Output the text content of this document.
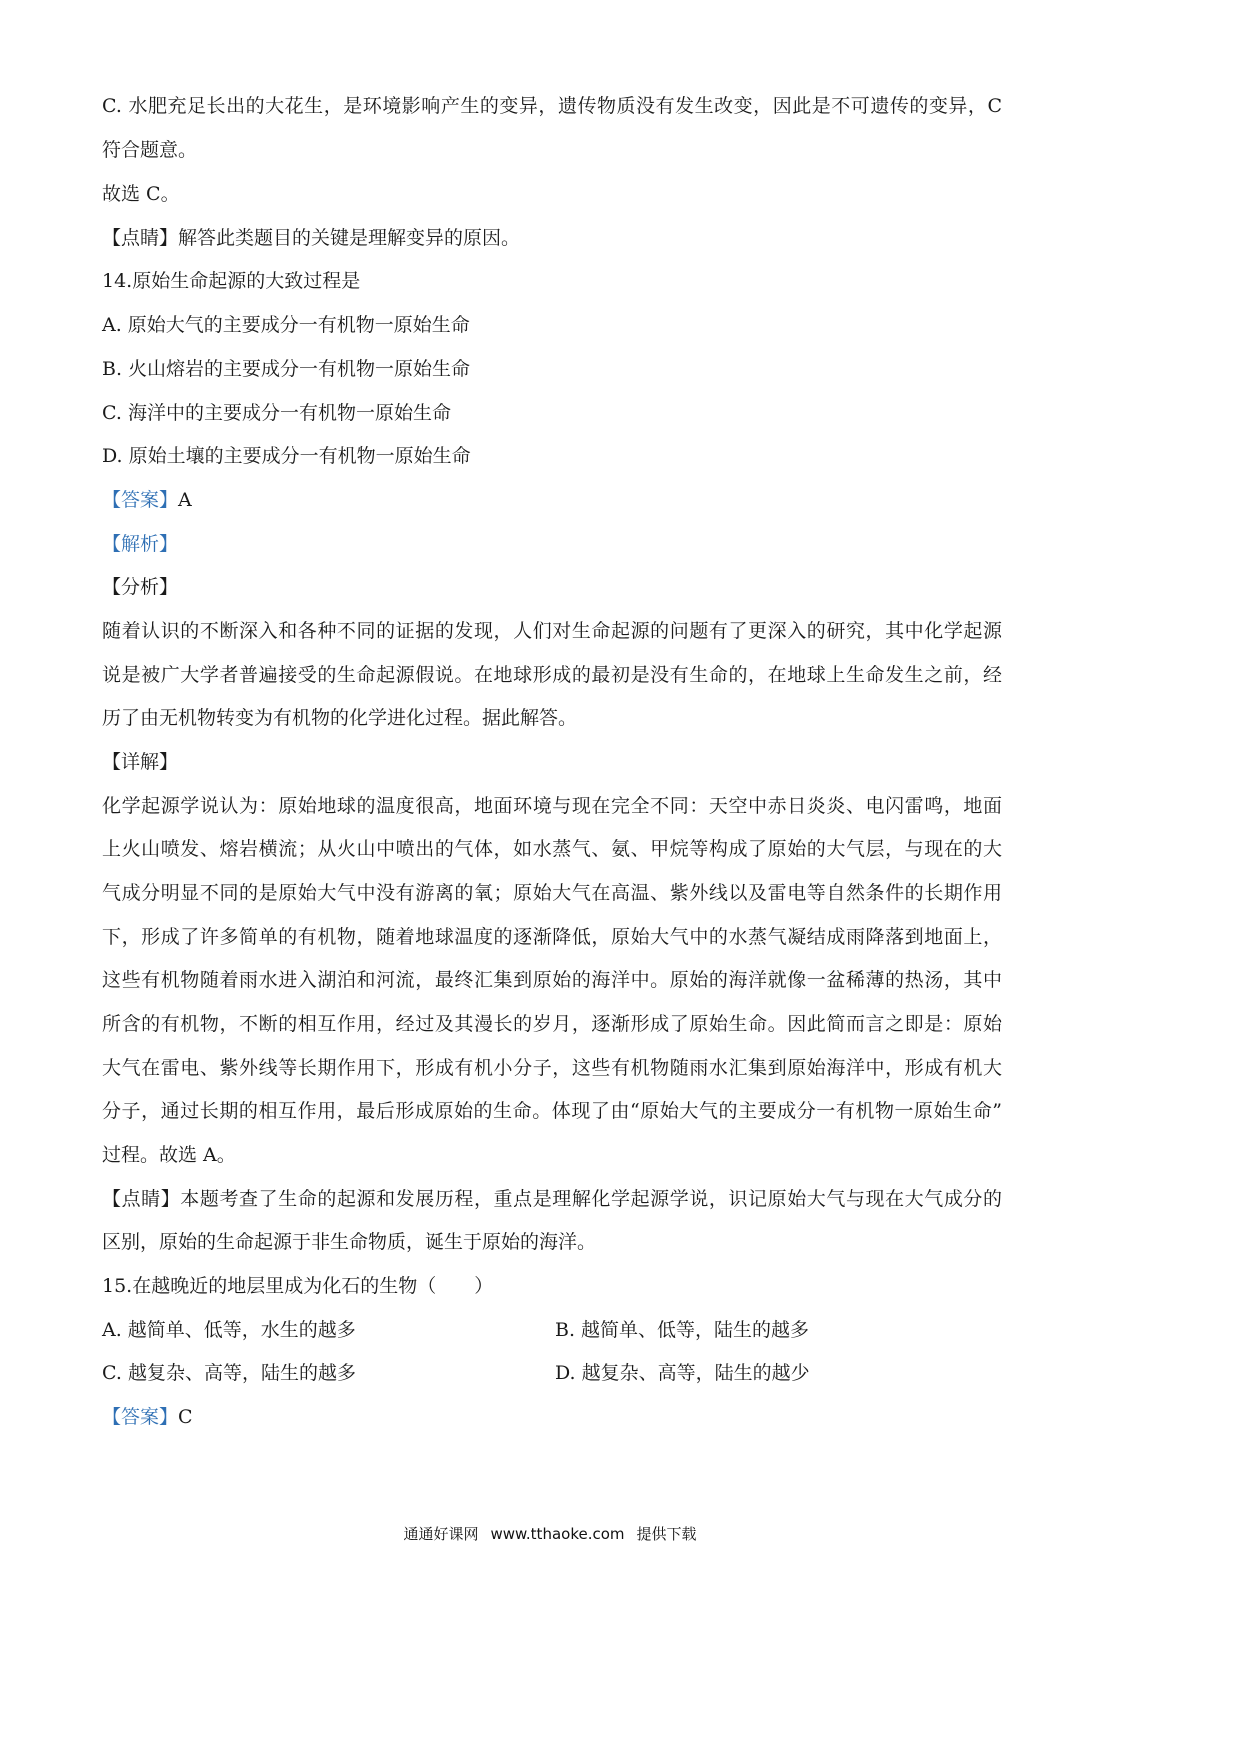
C. 水肥充足长出的大花生，是环境影响产生的变异，遗传物质没有发生改变，因此是不可遗传的变异，C
符合题意。
故选 C。
【点睛】解答此类题目的关键是理解变异的原因。
14.原始生命起源的大致过程是
A. 原始大气的主要成分一有机物一原始生命
B. 火山熔岩的主要成分一有机物一原始生命
C. 海洋中的主要成分一有机物一原始生命
D. 原始土壤的主要成分一有机物一原始生命
【答案】A
【解析】
【分析】
随着认识的不断深入和各种不同的证据的发现，人们对生命起源的问题有了更深入的研究，其中化学起源
说是被广大学者普遍接受的生命起源假说。在地球形成的最初是没有生命的，在地球上生命发生之前，经
历了由无机物转变为有机物的化学进化过程。据此解答。
【详解】
化学起源学说认为：原始地球的温度很高，地面环境与现在完全不同：天空中赤日炎炎、电闪雷鸣，地面
上火山喷发、熔岩横流；从火山中喷出的气体，如水蒸气、氨、甲烷等构成了原始的大气层，与现在的大
气成分明显不同的是原始大气中没有游离的氧；原始大气在高温、紫外线以及雷电等自然条件的长期作用
下，形成了许多简单的有机物，随着地球温度的逐渐降低，原始大气中的水蒸气凝结成雨降落到地面上，
这些有机物随着雨水进入湖泊和河流，最终汇集到原始的海洋中。原始的海洋就像一盆稀薄的热汤，其中
所含的有机物，不断的相互作用，经过及其漫长的岁月，逐渐形成了原始生命。因此简而言之即是：原始
大气在雷电、紫外线等长期作用下，形成有机小分子，这些有机物随雨水汇集到原始海洋中，形成有机大
分子，通过长期的相互作用，最后形成原始的生命。体现了由“原始大气的主要成分一有机物一原始生命”
过程。故选 A。
【点睛】本题考查了生命的起源和发展历程，重点是理解化学起源学说，识记原始大气与现在大气成分的
区别，原始的生命起源于非生命物质，诞生于原始的海洋。
15.在越晚近的地层里成为化石的生物（　　）
A. 越简单、低等，水生的越多	B. 越简单、低等，陆生的越多
C. 越复杂、高等，陆生的越多	D. 越复杂、高等，陆生的越少
【答案】C
通通好课网 www.tthaoke.com 提供下载
